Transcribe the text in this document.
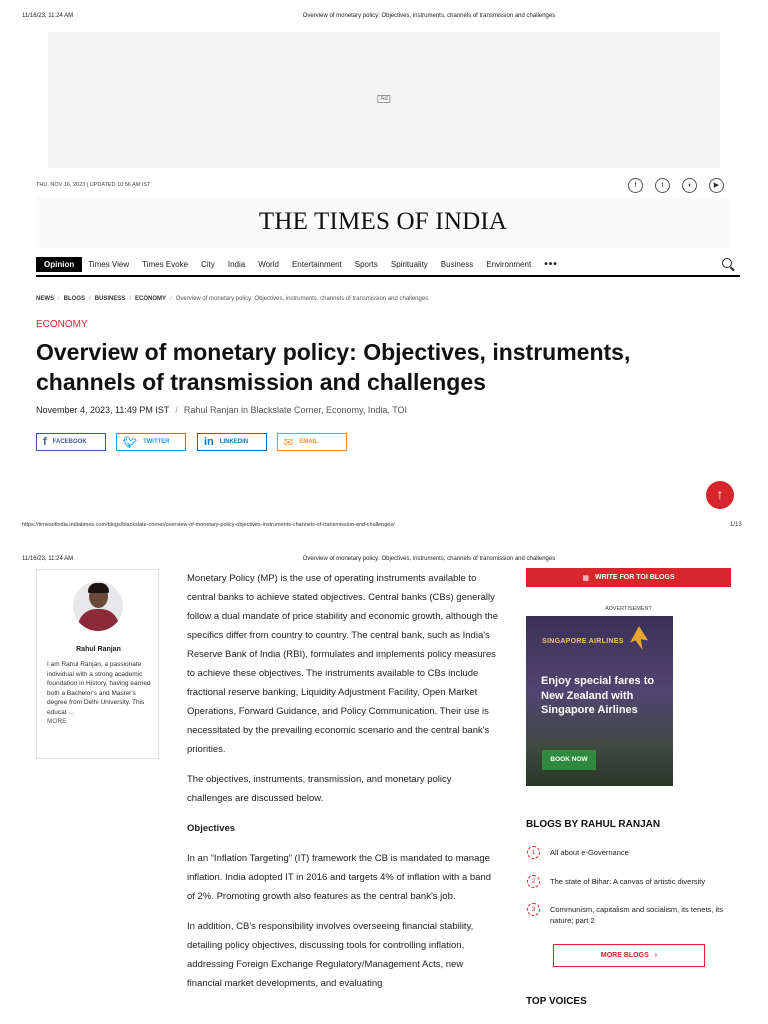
11/16/23, 11:24 AM	Overview of monetary policy: Objectives, instruments, channels of transmission and challenges
Ad
THU, NOV 16, 2023 | UPDATED 10:56 AM IST	f	t	◗	▶
THE TIMES OF INDIA
Opinion	Times View Times Evoke City India World Entertainment Sports Spirituality Business Environment •••
NEWS / BLOGS / BUSINESS / ECONOMY / Overview of monetary policy: Objectives, instruments, channels of transmission and challenges
ECONOMY
Overview of monetary policy: Objectives, instruments, channels of transmission and challenges
November 4, 2023, 11:49 PM IST / Rahul Ranjan in Blackslate Corner, Economy, India, TOI
f FACEBOOK	🐦︎ TWITTER	in LINKEDIN	✉ EMAIL
↑
https://timesofindia.indiatimes.com/blogs/blackslate-corner/overview-of-monetary-policy-objectives-instruments-channels-of-transmission-and-challenges/	1/13
11/16/23, 11:24 AM	Overview of monetary policy: Objectives, instruments, channels of transmission and challenges
Rahul Ranjan
I am Rahul Ranjan, a passionate individual with a strong academic foundation in History, having earned both a Bachelor's and Master's degree from Delhi University. This educat ...
MORE

Monetary Policy (MP) is the use of operating instruments available to central banks to achieve stated objectives. Central banks (CBs) generally follow a dual mandate of price stability and economic growth, although the specifics differ from country to country. The central bank, such as India's Reserve Bank of India (RBI), formulates and implements policy measures to achieve these objectives. The instruments available to CBs include fractional reserve banking, Liquidity Adjustment Facility, Open Market Operations, Forward Guidance, and Policy Communication. Their use is necessitated by the prevailing economic scenario and the central bank's priorities.

The objectives, instruments, transmission, and monetary policy challenges are discussed below.

Objectives

In an “Inflation Targeting” (IT) framework the CB is mandated to manage inflation. India adopted IT in 2016 and targets 4% of inflation with a band of 2%. Promoting growth also features as the central bank's job.

In addition, CB's responsibility involves overseeing financial stability, detailing policy objectives, discussing tools for controlling inflation, addressing Foreign Exchange Regulatory/Management Acts, new financial market developments, and evaluating

▦ WRITE FOR TOI BLOGS
ADVERTISEMENT
SINGAPORE AIRLINES
Enjoy special fares to New Zealand with Singapore Airlines
BOOK NOW
BLOGS BY RAHUL RANJAN
1	All about e-Governance
2	The state of Bihar: A canvas of artistic diversity
3	Communism, capitalism and socialism, its tenets, its nature; part 2
MORE BLOGS ›
TOP VOICES
